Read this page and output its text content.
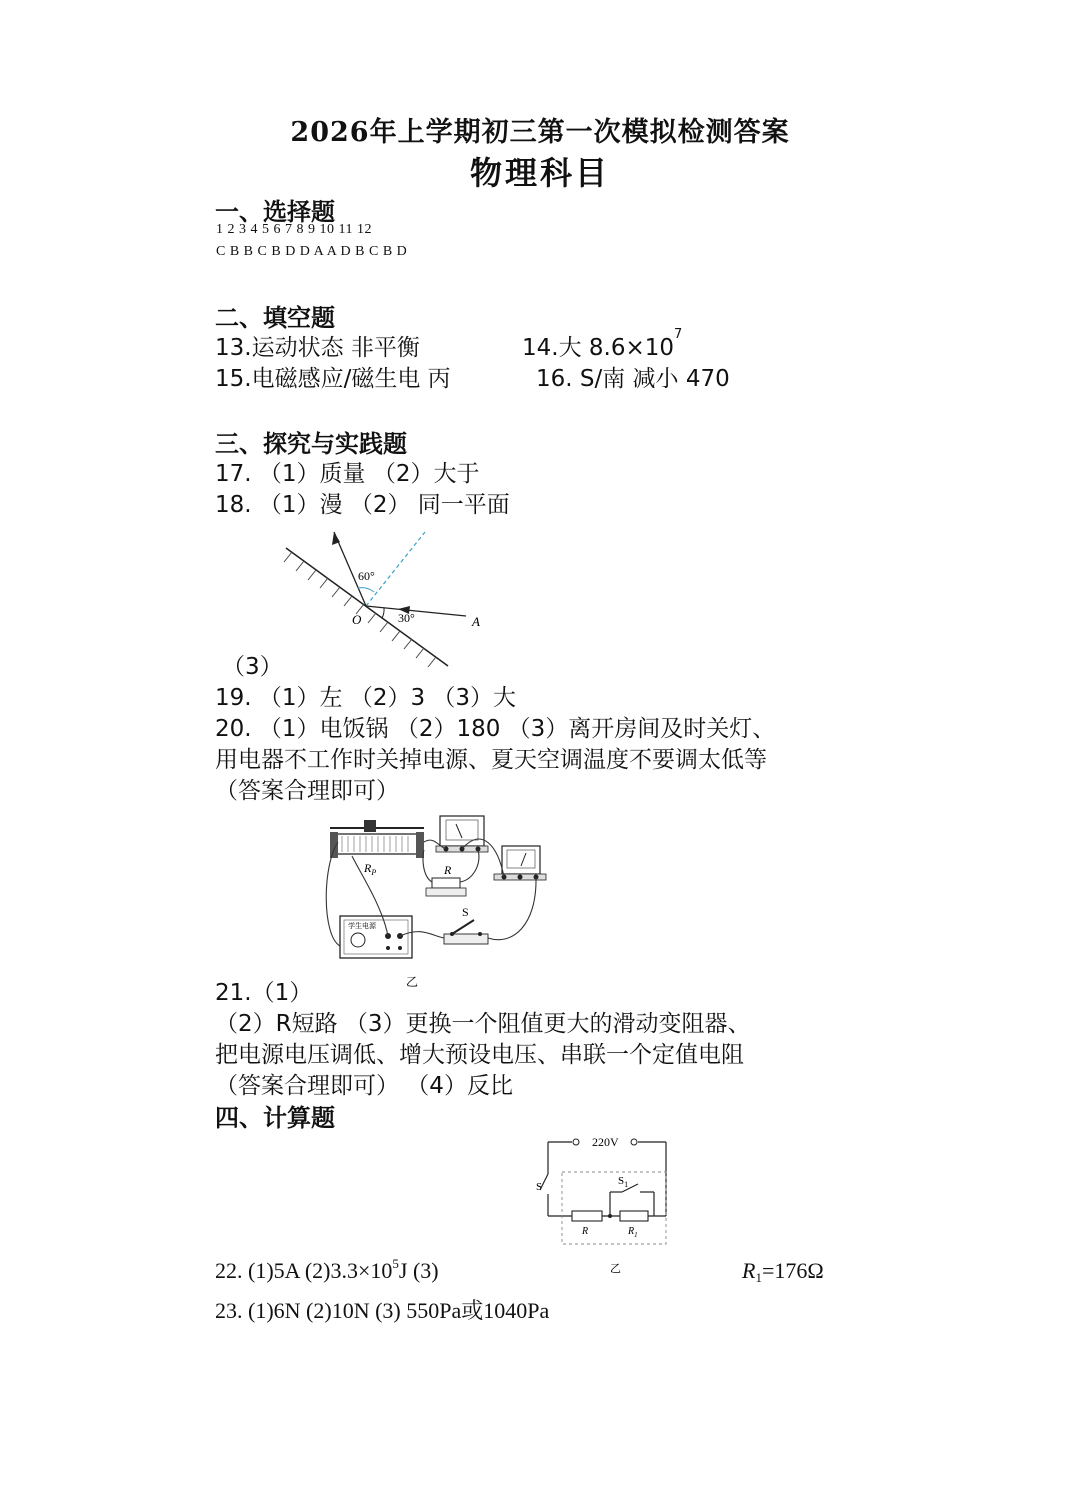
2026年上学期初三第一次模拟检测答案
物理科目
一、选择题
1 2 3 4 5 6 7 8 9 10 11 12
C B B C B D D A A D B C B D
二、填空题
13.运动状态 非平衡	14.大 $8.6\times 10^7$
15.电磁感应/磁生电 丙	16. S/南 减小 470
三、探究与实践题
17. （1）质量 （2）大于
18. （1）漫 （2） 同一平面
60°
30°
O	A
（3）
19. （1）左 （2）3 （3）大
20. （1）电饭锅 （2）180 （3）离开房间及时关灯、
用电器不工作时关掉电源、夏天空调温度不要调太低等
（答案合理即可）
$R_P$	R
学生电源
S
乙
21.（1）
（2）R短路 （3）更换一个阻值更大的滑动变阻器、
把电源电压调低、增大预设电压、串联一个定值电阻
（答案合理即可） （4）反比
四、计算题
220V
S	$S_1$
R	$R_1$
乙
22. (1)5A $(2)3.3\times 10^5J$ (3)	R1=176Ω
23. (1)6N (2)10N (3) 550Pa或1040Pa
